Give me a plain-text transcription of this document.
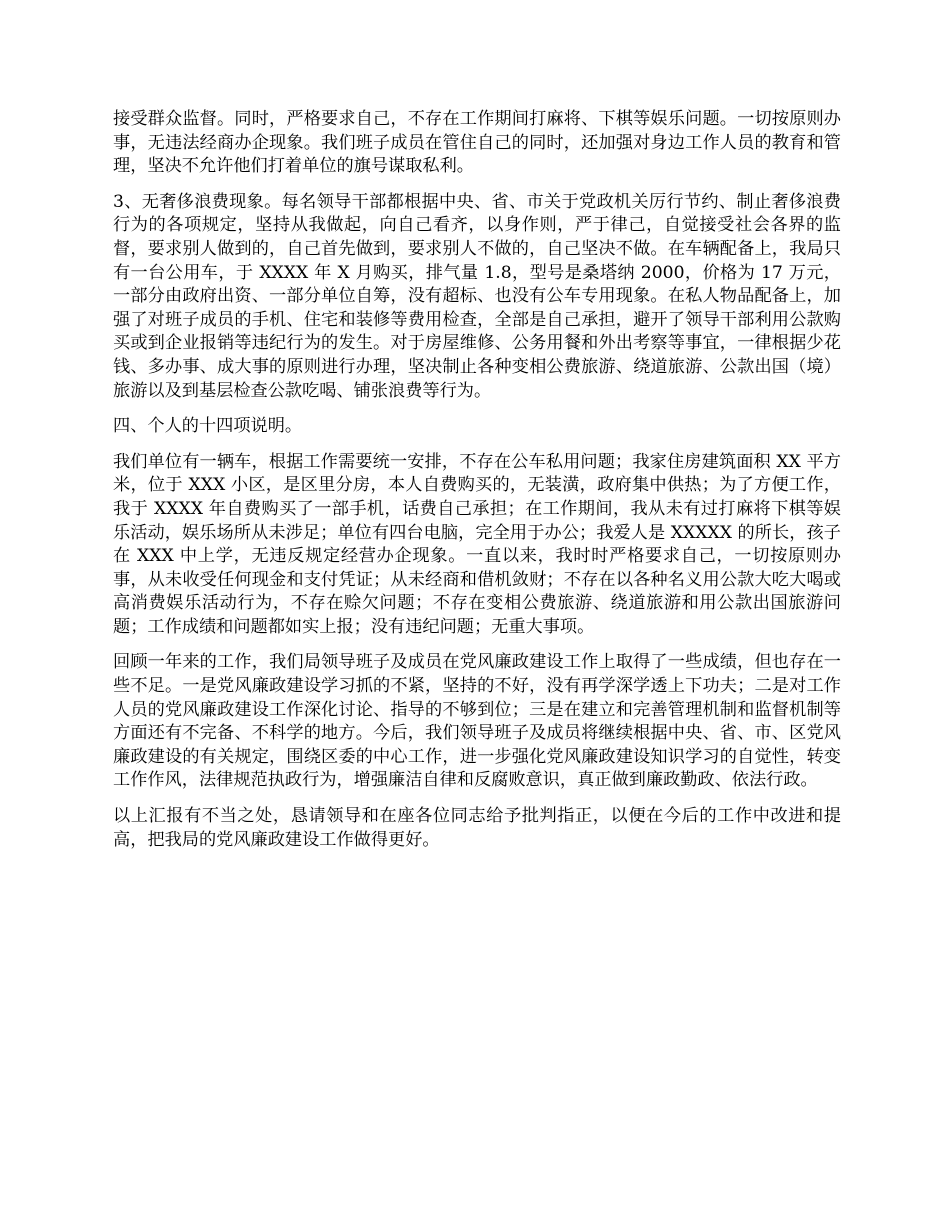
接受群众监督。同时，严格要求自己，不存在工作期间打麻将、下棋等娱乐问题。一切按原则办事，无违法经商办企现象。我们班子成员在管住自己的同时，还加强对身边工作人员的教育和管理，坚决不允许他们打着单位的旗号谋取私利。

3、无奢侈浪费现象。每名领导干部都根据中央、省、市关于党政机关厉行节约、制止奢侈浪费行为的各项规定，坚持从我做起，向自己看齐，以身作则，严于律己，自觉接受社会各界的监督，要求别人做到的，自己首先做到，要求别人不做的，自己坚决不做。在车辆配备上，我局只有一台公用车，于 XXXX 年 X 月购买，排气量 1.8，型号是桑塔纳 2000，价格为 17 万元，一部分由政府出资、一部分单位自筹，没有超标、也没有公车专用现象。在私人物品配备上，加强了对班子成员的手机、住宅和装修等费用检查，全部是自己承担，避开了领导干部利用公款购买或到企业报销等违纪行为的发生。对于房屋维修、公务用餐和外出考察等事宜，一律根据少花钱、多办事、成大事的原则进行办理，坚决制止各种变相公费旅游、绕道旅游、公款出国（境）旅游以及到基层检查公款吃喝、铺张浪费等行为。

四、个人的十四项说明。

我们单位有一辆车，根据工作需要统一安排，不存在公车私用问题；我家住房建筑面积 XX 平方米，位于 XXX 小区，是区里分房，本人自费购买的，无装潢，政府集中供热；为了方便工作，我于 XXXX 年自费购买了一部手机，话费自己承担；在工作期间，我从未有过打麻将下棋等娱乐活动，娱乐场所从未涉足；单位有四台电脑，完全用于办公；我爱人是 XXXXX 的所长，孩子在 XXX 中上学，无违反规定经营办企现象。一直以来，我时时严格要求自己，一切按原则办事，从未收受任何现金和支付凭证；从未经商和借机敛财；不存在以各种名义用公款大吃大喝或高消费娱乐活动行为，不存在赊欠问题；不存在变相公费旅游、绕道旅游和用公款出国旅游问题；工作成绩和问题都如实上报；没有违纪问题；无重大事项。

回顾一年来的工作，我们局领导班子及成员在党风廉政建设工作上取得了一些成绩，但也存在一些不足。一是党风廉政建设学习抓的不紧，坚持的不好，没有再学深学透上下功夫；二是对工作人员的党风廉政建设工作深化讨论、指导的不够到位；三是在建立和完善管理机制和监督机制等方面还有不完备、不科学的地方。今后，我们领导班子及成员将继续根据中央、省、市、区党风廉政建设的有关规定，围绕区委的中心工作，进一步强化党风廉政建设知识学习的自觉性，转变工作作风，法律规范执政行为，增强廉洁自律和反腐败意识，真正做到廉政勤政、依法行政。

以上汇报有不当之处，恳请领导和在座各位同志给予批判指正，以便在今后的工作中改进和提高，把我局的党风廉政建设工作做得更好。
